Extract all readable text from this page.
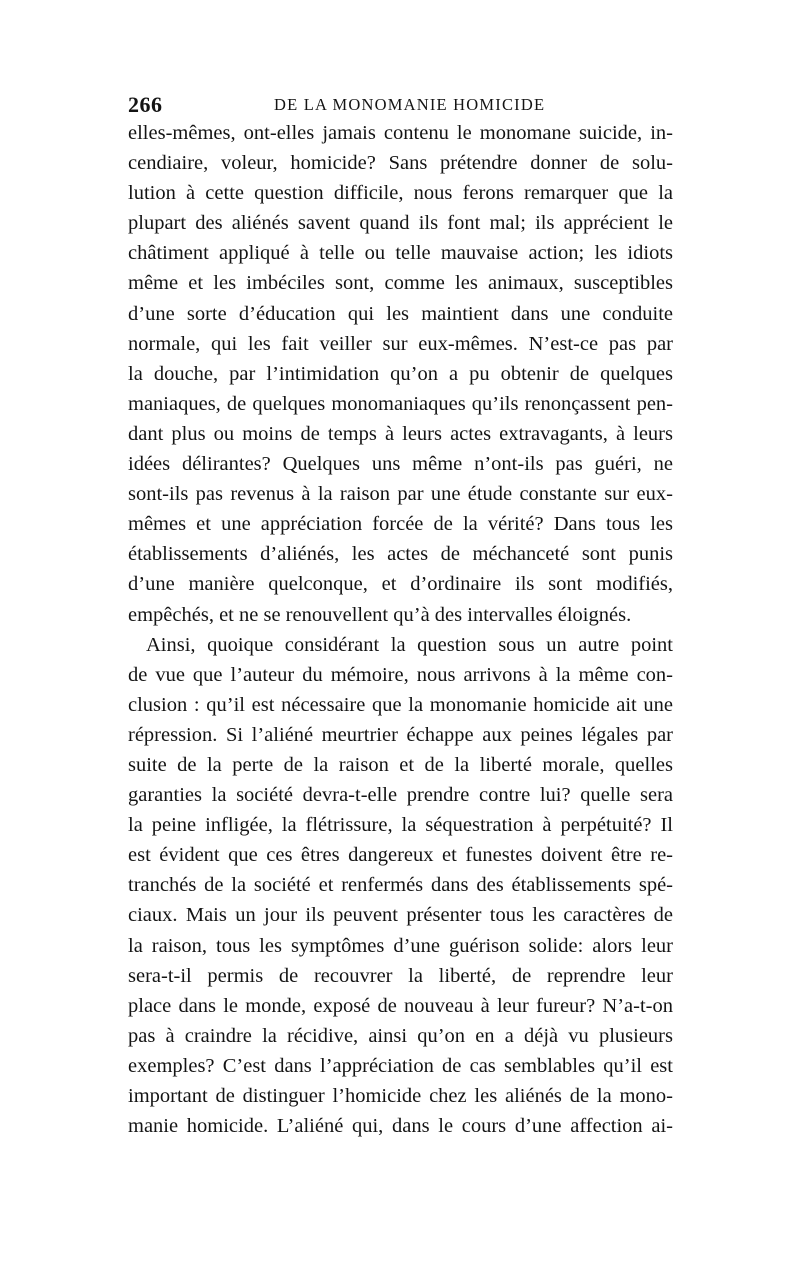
266	DE LA MONOMANIE HOMICIDE
elles-mêmes, ont-elles jamais contenu le monomane suicide, in-
cendiaire, voleur, homicide? Sans prétendre donner de solu-
lution à cette question difficile, nous ferons remarquer que la
plupart des aliénés savent quand ils font mal; ils apprécient le
châtiment appliqué à telle ou telle mauvaise action; les idiots
même et les imbéciles sont, comme les animaux, susceptibles
d’une sorte d’éducation qui les maintient dans une conduite
normale, qui les fait veiller sur eux-mêmes. N’est-ce pas par
la douche, par l’intimidation qu’on a pu obtenir de quelques
maniaques, de quelques monomaniaques qu’ils renonçassent pen-
dant plus ou moins de temps à leurs actes extravagants, à leurs
idées délirantes? Quelques uns même n’ont-ils pas guéri, ne
sont-ils pas revenus à la raison par une étude constante sur eux-
mêmes et une appréciation forcée de la vérité? Dans tous les
établissements d’aliénés, les actes de méchanceté sont punis
d’une manière quelconque, et d’ordinaire ils sont modifiés,
empêchés, et ne se renouvellent qu’à des intervalles éloignés.
Ainsi, quoique considérant la question sous un autre point
de vue que l’auteur du mémoire, nous arrivons à la même con-
clusion : qu’il est nécessaire que la monomanie homicide ait une
répression. Si l’aliéné meurtrier échappe aux peines légales par
suite de la perte de la raison et de la liberté morale, quelles
garanties la société devra-t-elle prendre contre lui? quelle sera
la peine infligée, la flétrissure, la séquestration à perpétuité? Il
est évident que ces êtres dangereux et funestes doivent être re-
tranchés de la société et renfermés dans des établissements spé-
ciaux. Mais un jour ils peuvent présenter tous les caractères de
la raison, tous les symptômes d’une guérison solide: alors leur
sera-t-il permis de recouvrer la liberté, de reprendre leur
place dans le monde, exposé de nouveau à leur fureur? N’a-t-on
pas à craindre la récidive, ainsi qu’on en a déjà vu plusieurs
exemples? C’est dans l’appréciation de cas semblables qu’il est
important de distinguer l’homicide chez les aliénés de la mono-
manie homicide. L’aliéné qui, dans le cours d’une affection ai-
